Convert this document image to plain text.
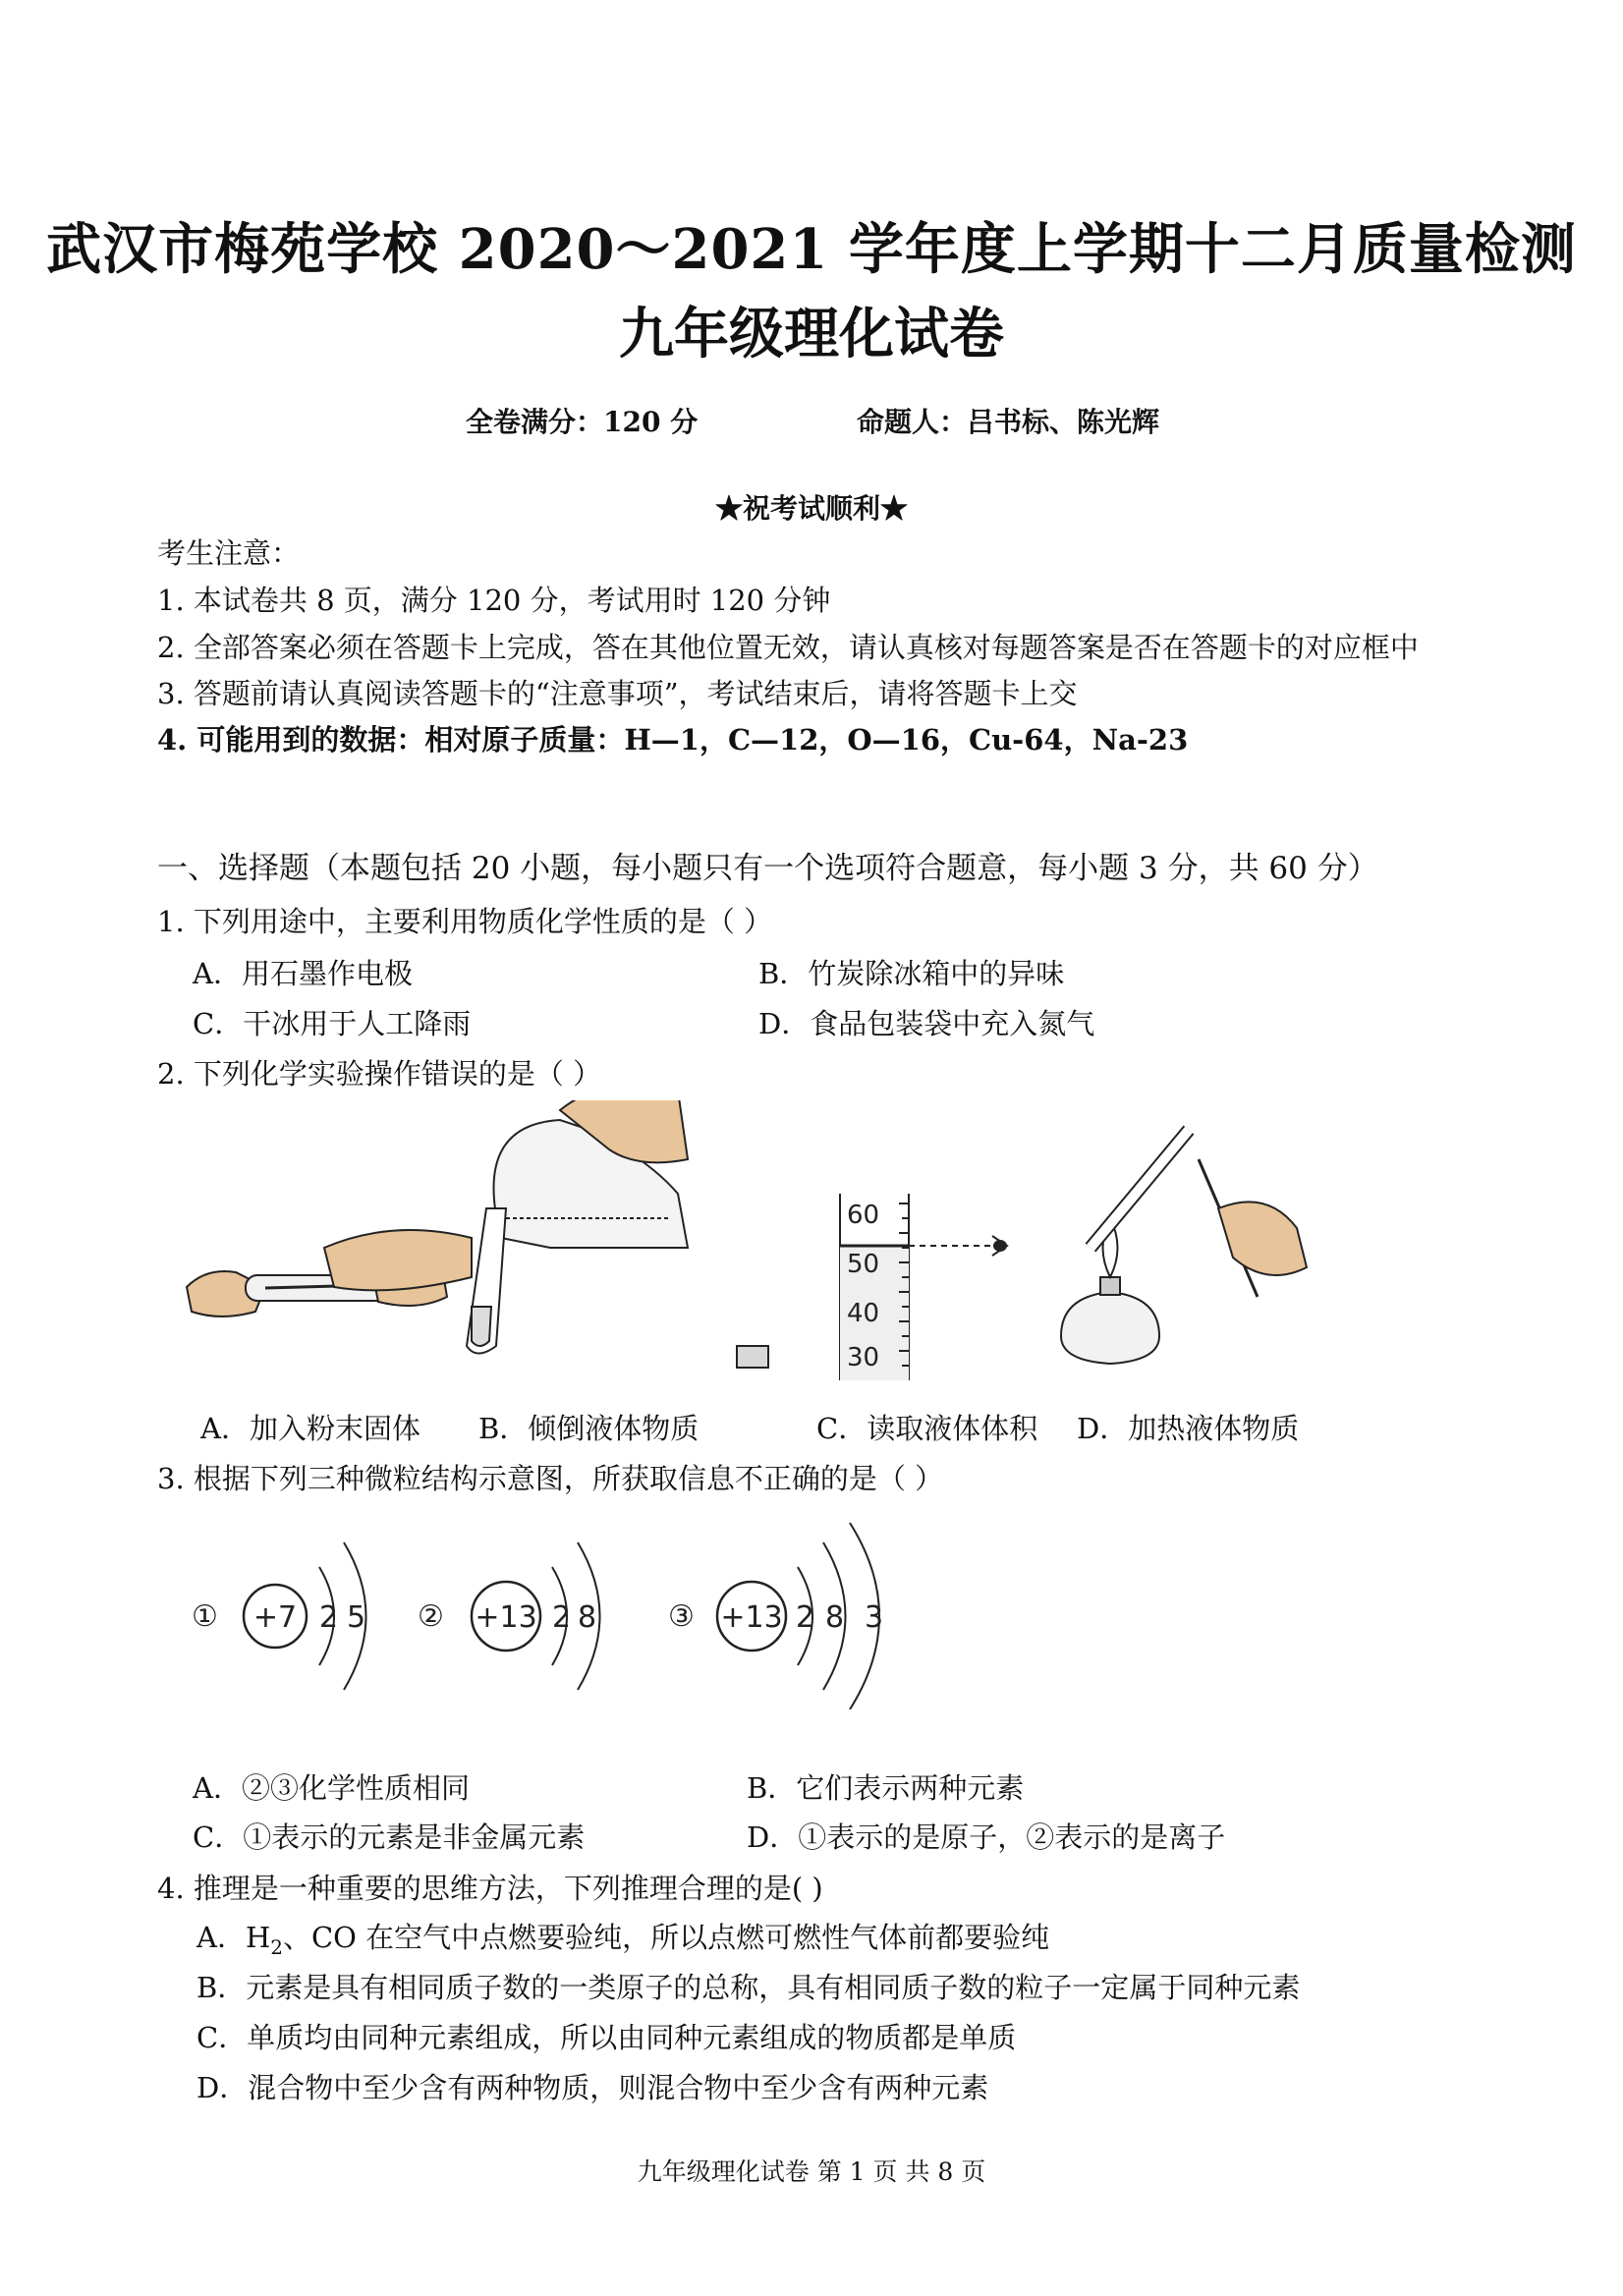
武汉市梅苑学校 2020～2021 学年度上学期十二月质量检测
九年级理化试卷
全卷满分：120 分	命题人：吕书标、陈光辉
★祝考试顺利★
考生注意：
1. 本试卷共 8 页，满分 120 分，考试用时 120 分钟
2. 全部答案必须在答题卡上完成，答在其他位置无效，请认真核对每题答案是否在答题卡的对应框中
3. 答题前请认真阅读答题卡的“注意事项”，考试结束后，请将答题卡上交
4. 可能用到的数据：相对原子质量：H—1，C—12，O—16，Cu-64，Na-23
一、选择题（本题包括 20 小题，每小题只有一个选项符合题意，每小题 3 分，共 60 分）
1. 下列用途中，主要利用物质化学性质的是（ ）
A．用石墨作电极	B．竹炭除冰箱中的异味
C．干冰用于人工降雨	D．食品包装袋中充入氮气
2. 下列化学实验操作错误的是（ ）
60
50
40
30
A．加入粉末固体 B．倾倒液体物质	C．读取液体体积 D．加热液体物质
3. 根据下列三种微粒结构示意图，所获取信息不正确的是（ ）
① +7 2 5 ② +13 2 8 ③ +13 2 8 3
A．②③化学性质相同	B．它们表示两种元素
C．①表示的元素是非金属元素	D．①表示的是原子，②表示的是离子
4. 推理是一种重要的思维方法，下列推理合理的是( )
A．$H_2$、CO 在空气中点燃要验纯，所以点燃可燃性气体前都要验纯
B．元素是具有相同质子数的一类原子的总称，具有相同质子数的粒子一定属于同种元素
C．单质均由同种元素组成，所以由同种元素组成的物质都是单质
D．混合物中至少含有两种物质，则混合物中至少含有两种元素
九年级理化试卷 第 1 页 共 8 页
